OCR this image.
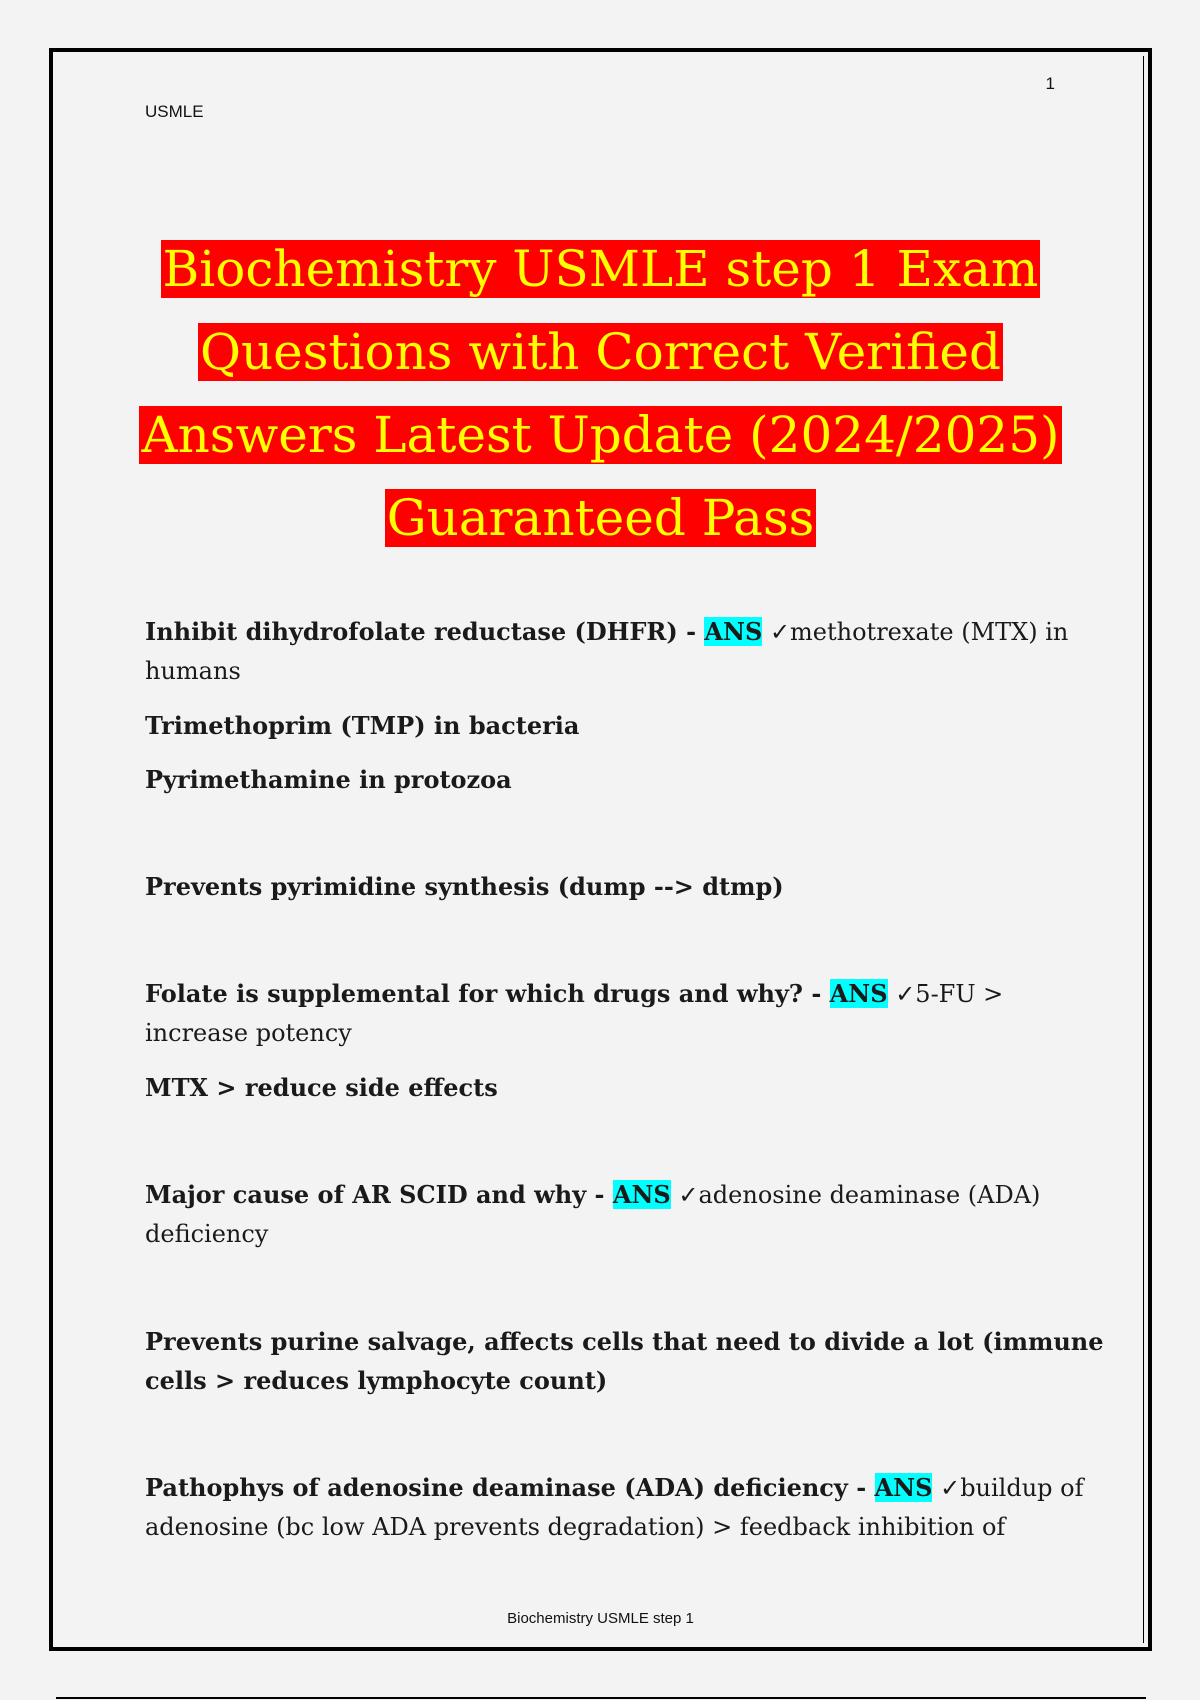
1
USMLE
Biochemistry USMLE step 1 Exam
Questions with Correct Verified
Answers Latest Update (2024/2025)
Guaranteed Pass

Inhibit dihydrofolate reductase (DHFR) - ANS ✓methotrexate (MTX) in humans

Trimethoprim (TMP) in bacteria

Pyrimethamine in protozoa

Prevents pyrimidine synthesis (dump --> dtmp)

Folate is supplemental for which drugs and why? - ANS ✓5-FU > increase potency

MTX > reduce side effects

Major cause of AR SCID and why - ANS ✓adenosine deaminase (ADA) deficiency

Prevents purine salvage, affects cells that need to divide a lot (immune cells > reduces lymphocyte count)

Pathophys of adenosine deaminase (ADA) deficiency - ANS ✓buildup of adenosine (bc low ADA prevents degradation) > feedback inhibition of

Biochemistry USMLE step 1
